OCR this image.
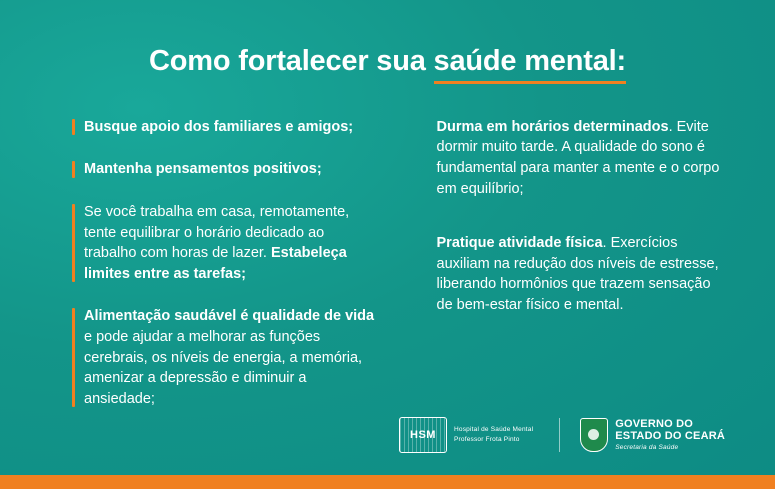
Como fortalecer sua saúde mental:
Busque apoio dos familiares e amigos;
Mantenha pensamentos positivos;
Se você trabalha em casa, remotamente, tente equilibrar o horário dedicado ao trabalho com horas de lazer. Estabeleça limites entre as tarefas;
Alimentação saudável é qualidade de vida e pode ajudar a melhorar as funções cerebrais, os níveis de energia, a memória, amenizar a depressão e diminuir a ansiedade;
Durma em horários determinados. Evite dormir muito tarde. A qualidade do sono é fundamental para manter a mente e o corpo em equilíbrio;
Pratique atividade física. Exercícios auxiliam na redução dos níveis de estresse, liberando hormônios que trazem sensação de bem-estar físico e mental.
HSM	Hospital de Saúde Mental
Professor Frota Pinto
GOVERNO DO
ESTADO DO CEARÁ
Secretaria da Saúde
